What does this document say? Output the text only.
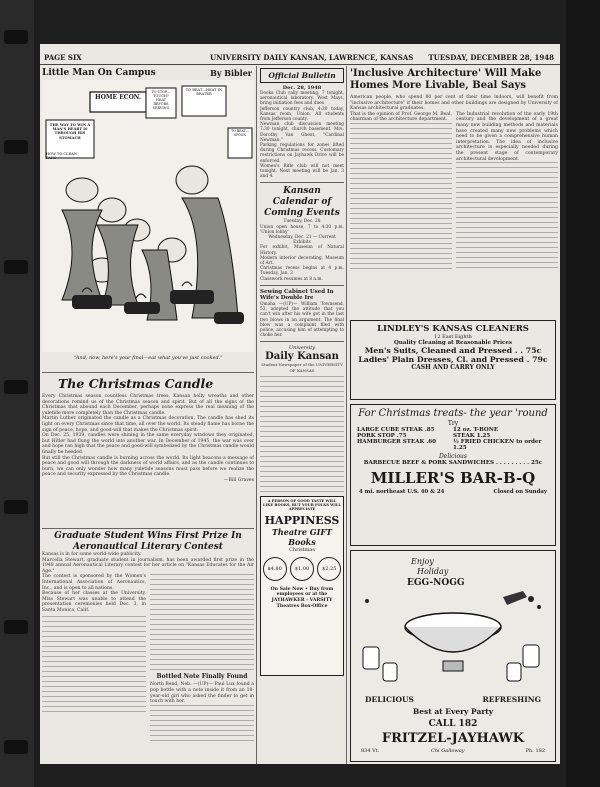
PAGE SIX	UNIVERSITY DAILY KANSAN, LAWRENCE, KANSAS TUESDAY, DECEMBER 28, 1948
Little Man On Campus	By Bibler
HOME ECON.
THE WAY TO WIN A MAN'S HEART IS THROUGH HIS STOMACH
TO STOP—TOUGH? HEAT BEFORE SERVING
TO BEAT—HEAT IN BEATER
TO BEAT—SPOON
HOW TO CLEAN PANS
"And, now, here's your final—eat what you've just cooked."
The Christmas Candle
Every Christmas season countless Christmas trees, Kansan holly wreaths and other decorations remind us of the Christmas season and spirit. But of all the signs of the Christmas that abound each December, perhaps none express the real meaning of the yuletide more completely than the Christmas candle.
Martin Luther originated the candle as a Christmas decoration. The candle has shed its light on every Christmas since that time, all over the world. Its steady flame has borne the sign of peace, hope, and good-will that makes the Christmas spirit.
On Dec. 25, 1939, candles were shining in the same everyday windows they originated, but Hitler had flung the world into another war. In December of 1945, the war was over and hope ran high that the peace and good-will symbolized by the Christmas candle would finally be heeded.
But still the Christmas candle is burning across the world. Its light beacons a message of peace and good will through the darkness of world affairs, and as the candle continues to burn, we can only wonder how many yuletide seasons must pass before we realize the peace and security expressed by the Christmas candle.
—Bill Graves
Graduate Student Wins First Prize In Aeronautical Literary Contest
Kansas is in for some world-wide publicity.
Marcella Stewart, graduate student in journalism, has been awarded first prize in the 1948 annual Aeronautical Literary contest for her article on "Kansas Educates for the Air Age."
The contest is sponsored by the Women's International Association of Aeronautics, Inc., and is open to all nations.
Because of her classes at the University, Miss Stewart was unable to attend the presentation ceremonies held Dec. 3, in Santa Monica, Calif.
Bottled Note Finally Found
North Bend, Neb. —(UP)— Paul Lux found a pop bottle with a note inside it from an 18-year-old girl who asked the finder to get in touch with her.
Official Bulletin
Dec. 28, 1948
Dooks Club rally meeting, 7 tonight, aeronautical laboratory. West Mays, bring initiation fees and dues
Jefferson country club, 4:30 today, Kansas room, Union. All students from Jefferson county.
Newman club discussion meeting 7:30 tonight, church basement. Mrs. Dorothy Van Ghent, "Cardinal Newman."
Parking regulations for zones lifted during Christmas recess. Customary restrictions on Jayhawk Drive will be enforced.
Women's Rifle club will not meet tonight. Next meeting will be Jan. 3 and 4.
Kansan Calendar of Coming Events
Tuesday, Dec. 28
Union open house, 7 to 4:30 p.m. 'Union lobby'
Wednesday, Dec. 21 — Current Exhibits
For exhibit, Museum of Natural History.
Modern interior decorating, Museum of Art.
Christmas recess begins at 4 p.m. Tuesday, Jan. 3
Classwork resumes at 8 a.m.
Sewing Cabinet Used In Wife's Double Ire
Omaha —(UP)— William Townsend, 53, adopted the attitude that you can't win after his wife got in the last two blows in an argument. The final blow was a complaint filed with police, accusing him of attempting to choke her.
University
Daily Kansan
Student Newspaper of the UNIVERSITY OF KANSAS
A PERSON OF GOOD TASTE WILL LIKE BOOKS, BUT YOUR FOLKS WILL APPRECIATE
HAPPINESS
Theatre GIFT Books
Christmas
$4.80	$1.00	$2.25
On Sale Now • Buy from employees or at the JAYHAWKER - VARSITY Theatres Box-Office
'Inclusive Architecture' Will Make Homes More Livable, Beal Says
American people, who spend 80 per cent of their time indoors, will benefit from "inclusive architecture" if their homes and other buildings are designed by University of Kansas architectural graduates.
That is the opinion of Prof. George M. Beal, chairman of the architecture department.
The Industrial revolution of the early 19th century and the development of a great many new building methods and materials have created many new problems which need to be given a comprehensive human interpretation. The idea of inclusive architecture is especially needed during the present stage of contemporary architectural development.
LINDLEY'S KANSAS CLEANERS
12 East Eighth
Quality Cleaning at Reasonable Prices
Men's Suits, Cleaned and Pressed . . 75c
Ladies' Plain Dresses, Cl. and Pressed . 79c
CASH AND CARRY ONLY
For Christmas treats- the year 'round
Try
LARGE CUBE STEAK .85
PORK STOP .75
HAMBURGER STEAK .60
12 oz. T-BONE
STEAK 1.25
½ FRIED CHICKEN to order 1.25
Delicious
BARBECUE BEEF & PORK SANDWICHES . . . . . . . . . 25c
MILLER'S BAR-B-Q
4 mi. northeast U.S. 40 & 24	Closed on Sunday
Enjoy
Holiday
EGG-NOGG
DELICIOUS	REFRESHING
Best at Every Party
CALL 182
FRITZEL-JAYHAWK
834 Vt.	Chi Galloway	Ph. 182
